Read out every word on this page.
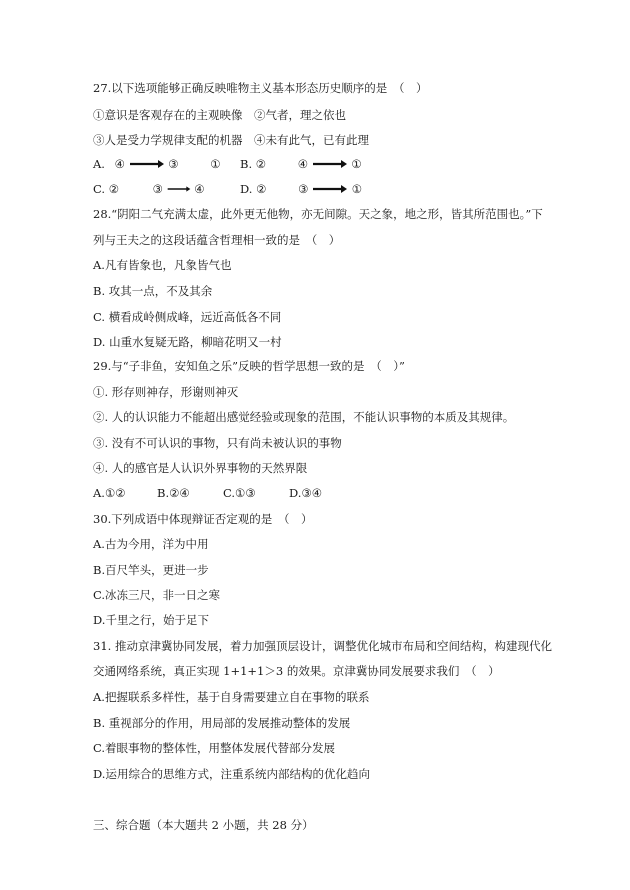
27.以下选项能够正确反映唯物主义基本形态历史顺序的是　（　）
①意识是客观存在的主观映像　②气者，理之依也
③人是受力学规律支配的机器　④未有此气，已有此理
A. ④	③	① B. ②	④	①
C. ②	③	④	D. ②	③	①
28.“阴阳二气充满太虚，此外更无他物，亦无间隙。天之象，地之形，皆其所范围也。”下
列与王夫之的这段话蕴含哲理相一致的是　（　）
A.凡有皆象也，凡象皆气也
B. 攻其一点，不及其余
C. 横看成岭侧成峰，远近高低各不同
D. 山重水复疑无路，柳暗花明又一村
29.与“子非鱼，安知鱼之乐”反映的哲学思想一致的是　（　）”
①. 形存则神存，形谢则神灭
②. 人的认识能力不能超出感觉经验或现象的范围，不能认识事物的本质及其规律。
③. 没有不可认识的事物，只有尚未被认识的事物
④. 人的感官是人认识外界事物的天然界限
A.①②	B.②④	C.①③	D.③④
30.下列成语中体现辩证否定观的是　（　）
A.古为今用，洋为中用
B.百尺竿头，更进一步
C.冰冻三尺，非一日之寒
D.千里之行，始于足下
31. 推动京津冀协同发展，着力加强顶层设计，调整优化城市布局和空间结构，构建现代化
交通网络系统，真正实现 1+1+1＞3 的效果。京津冀协同发展要求我们　（　）
A.把握联系多样性，基于自身需要建立自在事物的联系
B. 重视部分的作用，用局部的发展推动整体的发展
C.着眼事物的整体性，用整体发展代替部分发展
D.运用综合的思维方式，注重系统内部结构的优化趋向
三、综合题（本大题共 2 小题，共 28 分）
